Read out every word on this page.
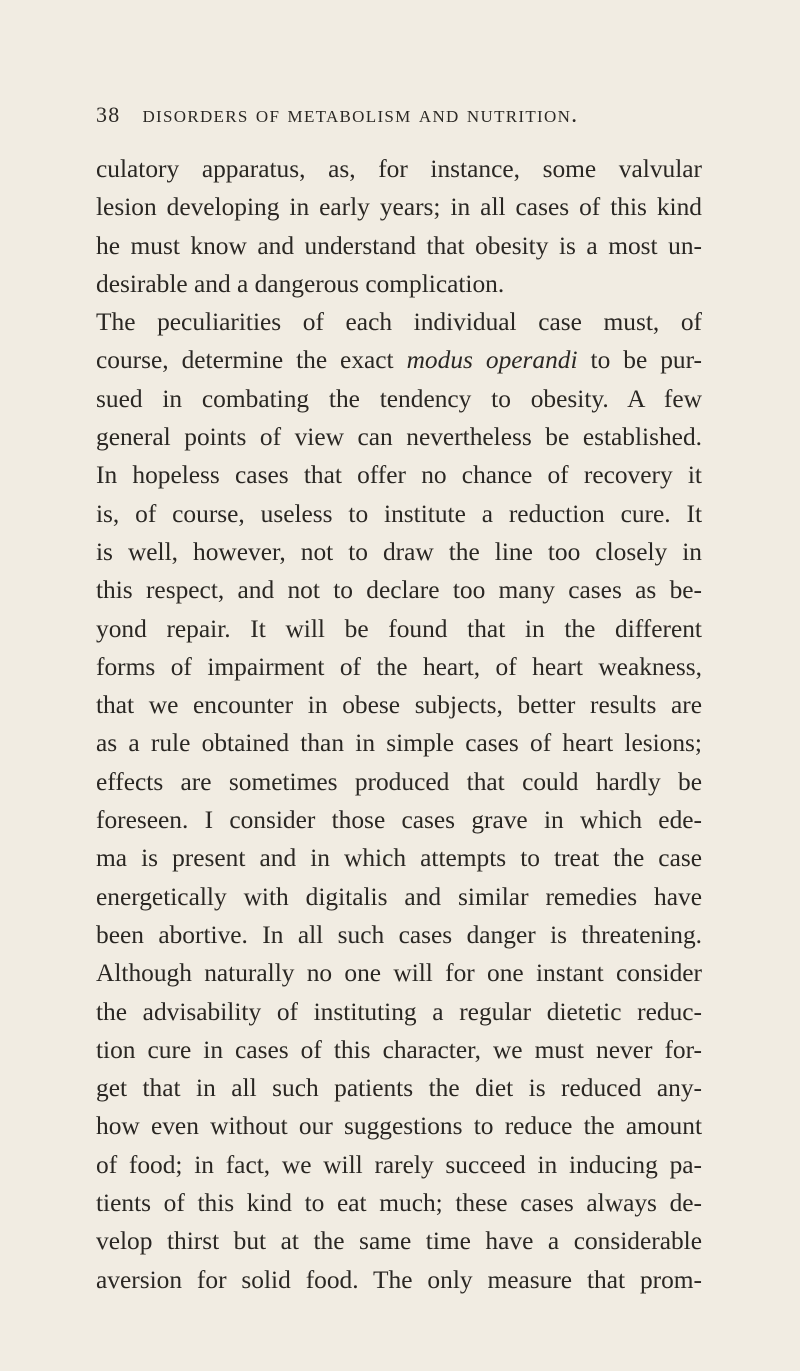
38 disorders of metabolism and nutrition.
culatory apparatus, as, for instance, some valvular
lesion developing in early years; in all cases of this kind
he must know and understand that obesity is a most un-
desirable and a dangerous complication.
The peculiarities of each individual case must, of
course, determine the exact modus operandi to be pur-
sued in combating the tendency to obesity. A few
general points of view can nevertheless be established.
In hopeless cases that offer no chance of recovery it
is, of course, useless to institute a reduction cure. It
is well, however, not to draw the line too closely in
this respect, and not to declare too many cases as be-
yond repair. It will be found that in the different
forms of impairment of the heart, of heart weakness,
that we encounter in obese subjects, better results are
as a rule obtained than in simple cases of heart lesions;
effects are sometimes produced that could hardly be
foreseen. I consider those cases grave in which ede-
ma is present and in which attempts to treat the case
energetically with digitalis and similar remedies have
been abortive. In all such cases danger is threatening.
Although naturally no one will for one instant consider
the advisability of instituting a regular dietetic reduc-
tion cure in cases of this character, we must never for-
get that in all such patients the diet is reduced any-
how even without our suggestions to reduce the amount
of food; in fact, we will rarely succeed in inducing pa-
tients of this kind to eat much; these cases always de-
velop thirst but at the same time have a considerable
aversion for solid food. The only measure that prom-
